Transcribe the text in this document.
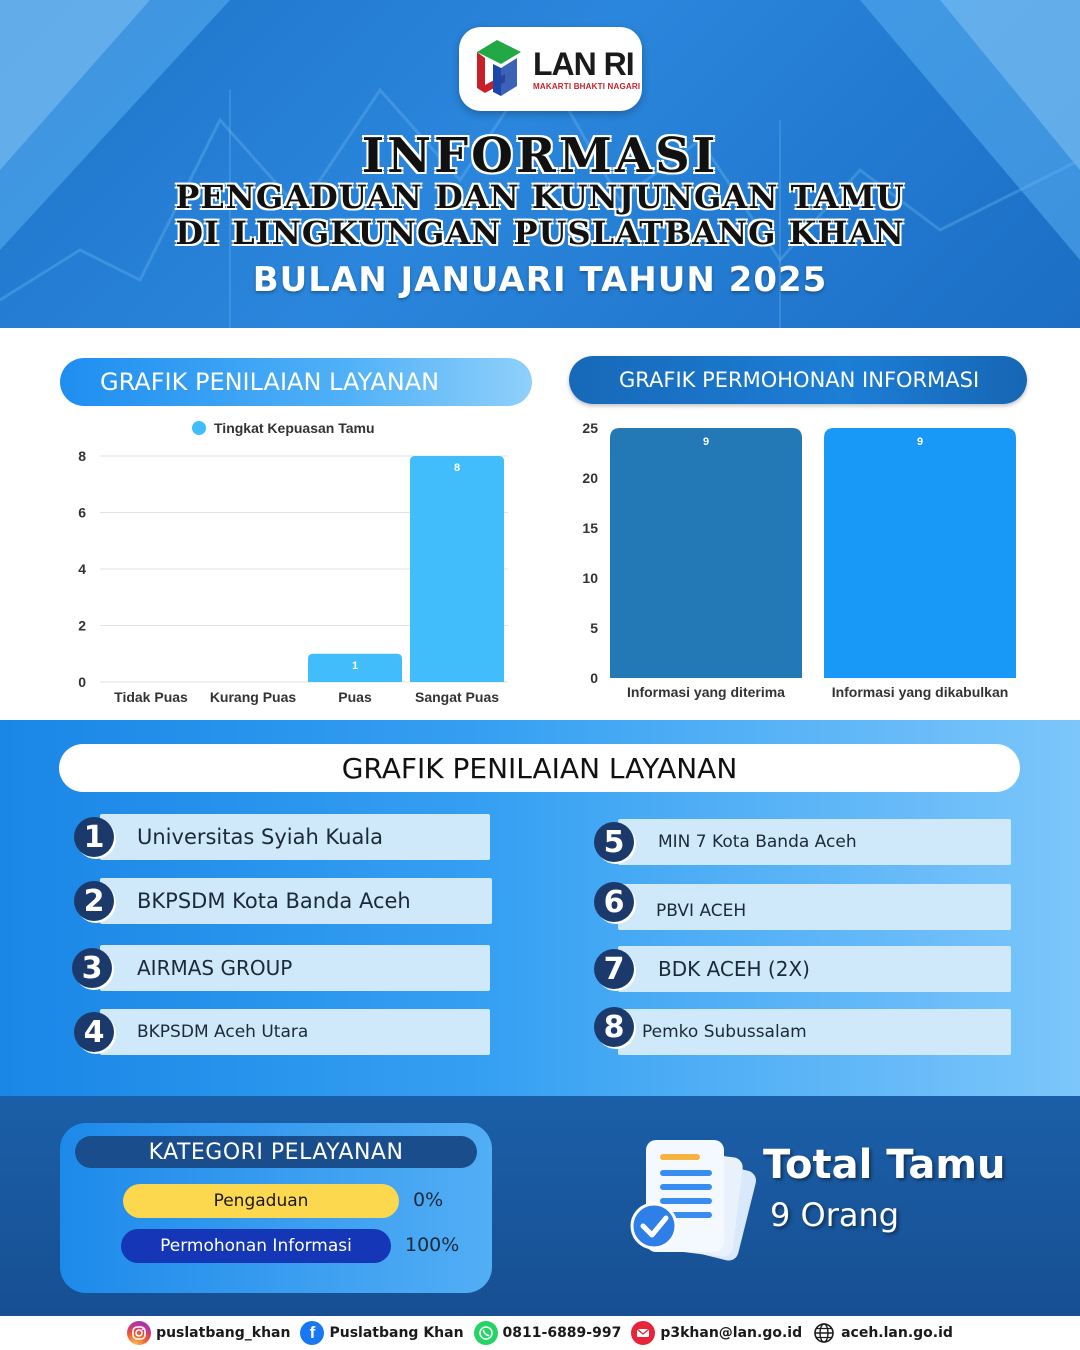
LAN RI
MAKARTI BHAKTI NAGARI
INFORMASI
PENGADUAN DAN KUNJUNGAN TAMU
DI LINGKUNGAN PUSLATBANG KHAN
BULAN JANUARI TAHUN 2025
GRAFIK PENILAIAN LAYANAN	GRAFIK PERMOHONAN INFORMASI
Tingkat Kepuasan Tamu
0
2
4
6
8
Tidak Puas Kurang Puas
1
Puas
8
Sangat Puas
0
5
10
15
20
25
9
Informasi yang diterima
9
Informasi yang dikabulkan
GRAFIK PENILAIAN LAYANAN
Universitas Syiah Kuala
1
BKPSDM Kota Banda Aceh
2
AIRMAS GROUP
3
BKPSDM Aceh Utara
4
MIN 7 Kota Banda Aceh
5
PBVI ACEH
6
BDK ACEH (2X)
7
Pemko Subussalam
8
KATEGORI PELAYANAN
Pengaduan	0%
Permohonan Informasi	100%
Total Tamu
9 Orang
puslatbang_khan	f	Puslatbang Khan	0811-6889-997	p3khan@lan.go.id	aceh.lan.go.id
